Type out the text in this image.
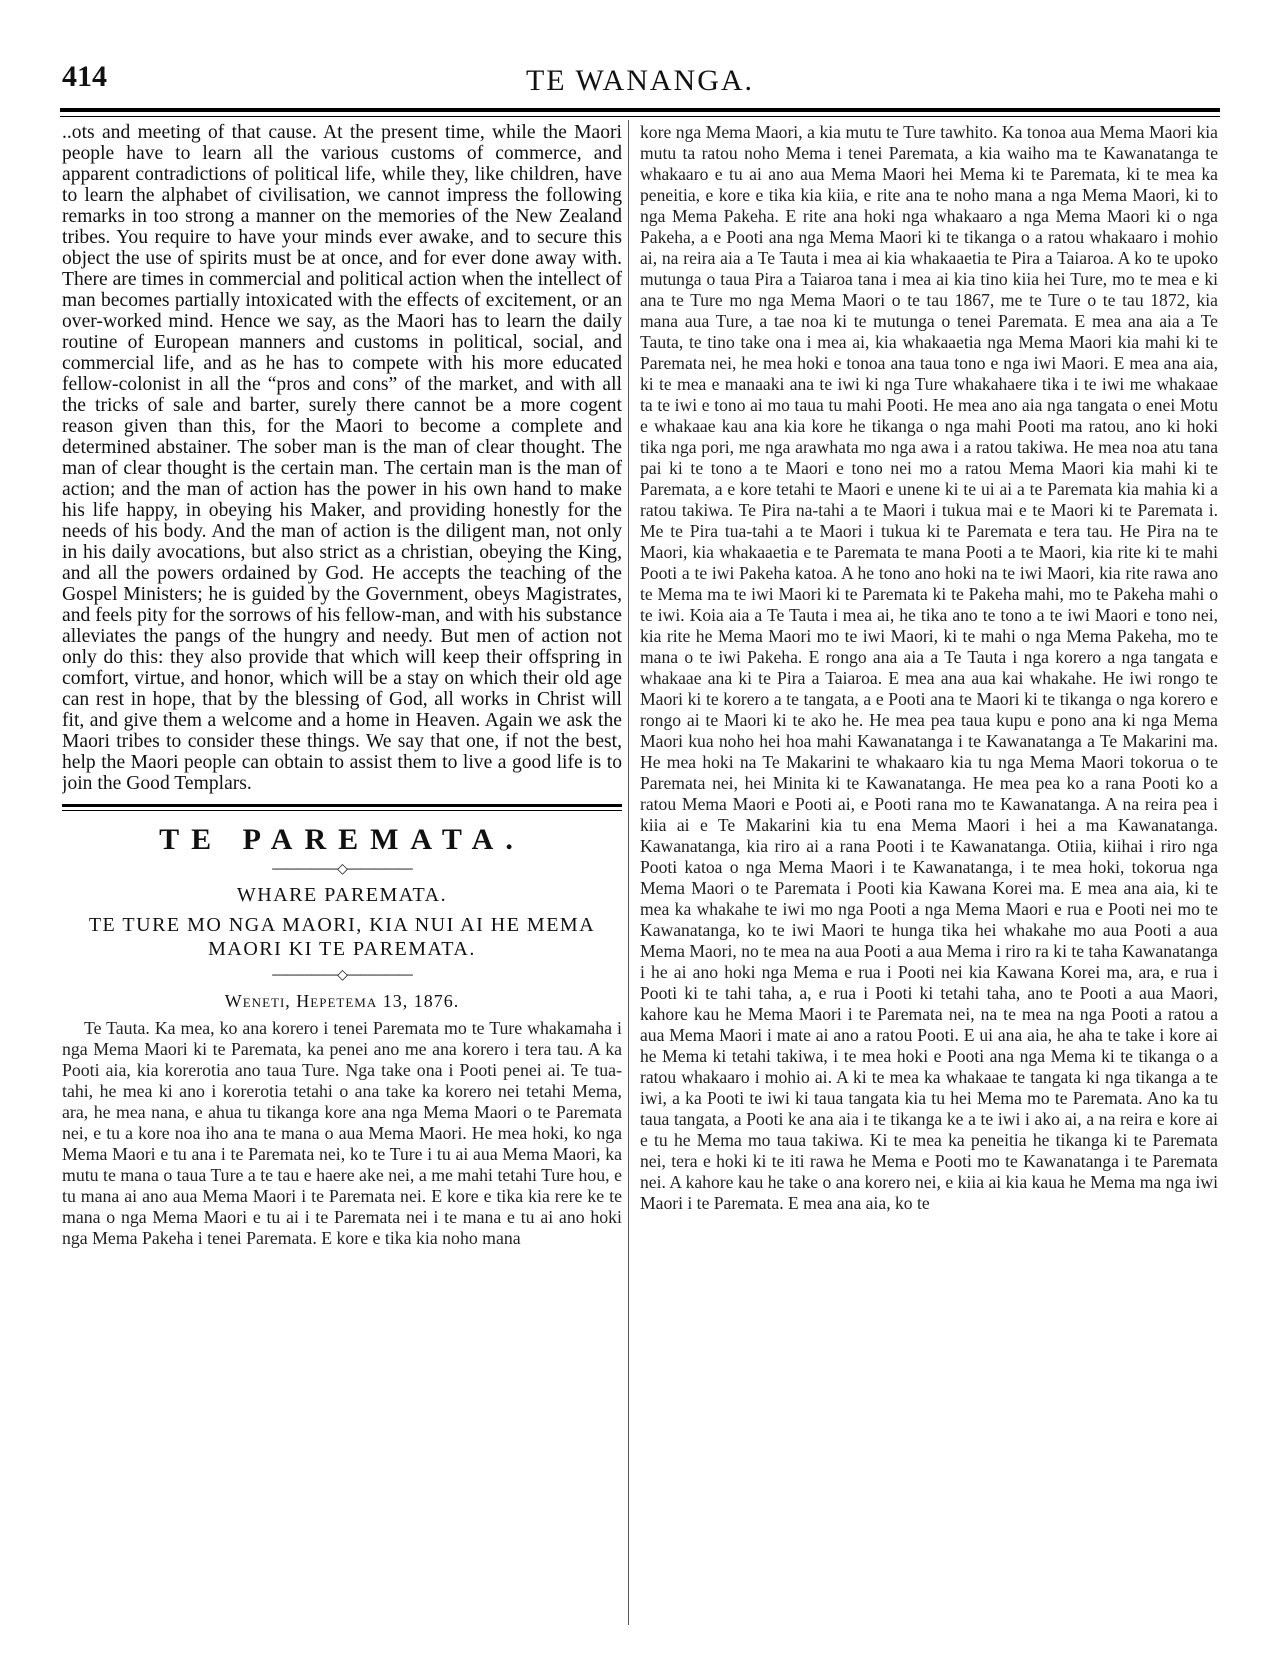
414	TE WANANGA.

..ots and meeting of that cause. At the present time, while the Maori people have to learn all the various customs of commerce, and apparent contradictions of political life, while they, like children, have to learn the alphabet of civilisation, we cannot impress the following remarks in too strong a manner on the memories of the New Zealand tribes. You require to have your minds ever awake, and to secure this object the use of spirits must be at once, and for ever done away with. There are times in commercial and political action when the intellect of man becomes partially intoxicated with the effects of excitement, or an over-worked mind. Hence we say, as the Maori has to learn the daily routine of European manners and customs in political, social, and commercial life, and as he has to compete with his more educated fellow-colonist in all the “pros and cons” of the market, and with all the tricks of sale and barter, surely there cannot be a more cogent reason given than this, for the Maori to become a complete and determined abstainer. The sober man is the man of clear thought. The man of clear thought is the certain man. The certain man is the man of action; and the man of action has the power in his own hand to make his life happy, in obeying his Maker, and providing honestly for the needs of his body. And the man of action is the diligent man, not only in his daily avocations, but also strict as a christian, obeying the King, and all the powers ordained by God. He accepts the teaching of the Gospel Ministers; he is guided by the Government, obeys Magistrates, and feels pity for the sorrows of his fellow-man, and with his substance alleviates the pangs of the hungry and needy. But men of action not only do this: they also provide that which will keep their offspring in comfort, virtue, and honor, which will be a stay on which their old age can rest in hope, that by the blessing of God, all works in Christ will fit, and give them a welcome and a home in Heaven. Again we ask the Maori tribes to consider these things. We say that one, if not the best, help the Maori people can obtain to assist them to live a good life is to join the Good Templars.

TE PAREMATA.
―――――◇―――――
WHARE PAREMATA.
TE TURE MO NGA MAORI, KIA NUI AI HE MEMA MAORI KI TE PAREMATA.
―――――◇―――――
Weneti, Hepetema 13, 1876.

Te Tauta. Ka mea, ko ana korero i tenei Paremata mo te Ture whakamaha i nga Mema Maori ki te Paremata, ka penei ano me ana korero i tera tau. A ka Pooti aia, kia korerotia ano taua Ture. Nga take ona i Pooti penei ai. Te tua-tahi, he mea ki ano i korerotia tetahi o ana take ka korero nei tetahi Mema, ara, he mea nana, e ahua tu tikanga kore ana nga Mema Maori o te Paremata nei, e tu a kore noa iho ana te mana o aua Mema Maori. He mea hoki, ko nga Mema Maori e tu ana i te Paremata nei, ko te Ture i tu ai aua Mema Maori, ka mutu te mana o taua Ture a te tau e haere ake nei, a me mahi tetahi Ture hou, e tu mana ai ano aua Mema Maori i te Paremata nei. E kore e tika kia rere ke te mana o nga Mema Maori e tu ai i te Paremata nei i te mana e tu ai ano hoki nga Mema Pakeha i tenei Paremata. E kore e tika kia noho mana

kore nga Mema Maori, a kia mutu te Ture tawhito. Ka tonoa aua Mema Maori kia mutu ta ratou noho Mema i tenei Paremata, a kia waiho ma te Kawanatanga te whakaaro e tu ai ano aua Mema Maori hei Mema ki te Paremata, ki te mea ka peneitia, e kore e tika kia kiia, e rite ana te noho mana a nga Mema Maori, ki to nga Mema Pakeha. E rite ana hoki nga whakaaro a nga Mema Maori ki o nga Pakeha, a e Pooti ana nga Mema Maori ki te tikanga o a ratou whakaaro i mohio ai, na reira aia a Te Tauta i mea ai kia whakaaetia te Pira a Taiaroa. A ko te upoko mutunga o taua Pira a Taiaroa tana i mea ai kia tino kiia hei Ture, mo te mea e ki ana te Ture mo nga Mema Maori o te tau 1867, me te Ture o te tau 1872, kia mana aua Ture, a tae noa ki te mutunga o tenei Paremata. E mea ana aia a Te Tauta, te tino take ona i mea ai, kia whakaaetia nga Mema Maori kia mahi ki te Paremata nei, he mea hoki e tonoa ana taua tono e nga iwi Maori. E mea ana aia, ki te mea e manaaki ana te iwi ki nga Ture whakahaere tika i te iwi me whakaae ta te iwi e tono ai mo taua tu mahi Pooti. He mea ano aia nga tangata o enei Motu e whakaae kau ana kia kore he tikanga o nga mahi Pooti ma ratou, ano ki hoki tika nga pori, me nga arawhata mo nga awa i a ratou takiwa. He mea noa atu tana pai ki te tono a te Maori e tono nei mo a ratou Mema Maori kia mahi ki te Paremata, a e kore tetahi te Maori e unene ki te ui ai a te Paremata kia mahia ki a ratou takiwa. Te Pira na-tahi a te Maori i tukua mai e te Maori ki te Paremata i. Me te Pira tua-tahi a te Maori i tukua ki te Paremata e tera tau. He Pira na te Maori, kia whakaaetia e te Paremata te mana Pooti a te Maori, kia rite ki te mahi Pooti a te iwi Pakeha katoa. A he tono ano hoki na te iwi Maori, kia rite rawa ano te Mema ma te iwi Maori ki te Paremata ki te Pakeha mahi, mo te Pakeha mahi o te iwi. Koia aia a Te Tauta i mea ai, he tika ano te tono a te iwi Maori e tono nei, kia rite he Mema Maori mo te iwi Maori, ki te mahi o nga Mema Pakeha, mo te mana o te iwi Pakeha. E rongo ana aia a Te Tauta i nga korero a nga tangata e whakaae ana ki te Pira a Taiaroa. E mea ana aua kai whakahe. He iwi rongo te Maori ki te korero a te tangata, a e Pooti ana te Maori ki te tikanga o nga korero e rongo ai te Maori ki te ako he. He mea pea taua kupu e pono ana ki nga Mema Maori kua noho hei hoa mahi Kawanatanga i te Kawanatanga a Te Makarini ma. He mea hoki na Te Makarini te whakaaro kia tu nga Mema Maori tokorua o te Paremata nei, hei Minita ki te Kawanatanga. He mea pea ko a rana Pooti ko a ratou Mema Maori e Pooti ai, e Pooti rana mo te Kawanatanga. A na reira pea i kiia ai e Te Makarini kia tu ena Mema Maori i hei a ma Kawanatanga. Kawanatanga, kia riro ai a rana Pooti i te Kawanatanga. Otiia, kiihai i riro nga Pooti katoa o nga Mema Maori i te Kawanatanga, i te mea hoki, tokorua nga Mema Maori o te Paremata i Pooti kia Kawana Korei ma. E mea ana aia, ki te mea ka whakahe te iwi mo nga Pooti a nga Mema Maori e rua e Pooti nei mo te Kawanatanga, ko te iwi Maori te hunga tika hei whakahe mo aua Pooti a aua Mema Maori, no te mea na aua Pooti a aua Mema i riro ra ki te taha Kawanatanga i he ai ano hoki nga Mema e rua i Pooti nei kia Kawana Korei ma, ara, e rua i Pooti ki te tahi taha, a, e rua i Pooti ki tetahi taha, ano te Pooti a aua Maori, kahore kau he Mema Maori i te Paremata nei, na te mea na nga Pooti a ratou a aua Mema Maori i mate ai ano a ratou Pooti. E ui ana aia, he aha te take i kore ai he Mema ki tetahi takiwa, i te mea hoki e Pooti ana nga Mema ki te tikanga o a ratou whakaaro i mohio ai. A ki te mea ka whakaae te tangata ki nga tikanga a te iwi, a ka Pooti te iwi ki taua tangata kia tu hei Mema mo te Paremata. Ano ka tu taua tangata, a Pooti ke ana aia i te tikanga ke a te iwi i ako ai, a na reira e kore ai e tu he Mema mo taua takiwa. Ki te mea ka peneitia he tikanga ki te Paremata nei, tera e hoki ki te iti rawa he Mema e Pooti mo te Kawanatanga i te Paremata nei. A kahore kau he take o ana korero nei, e kiia ai kia kaua he Mema ma nga iwi Maori i te Paremata. E mea ana aia, ko te
